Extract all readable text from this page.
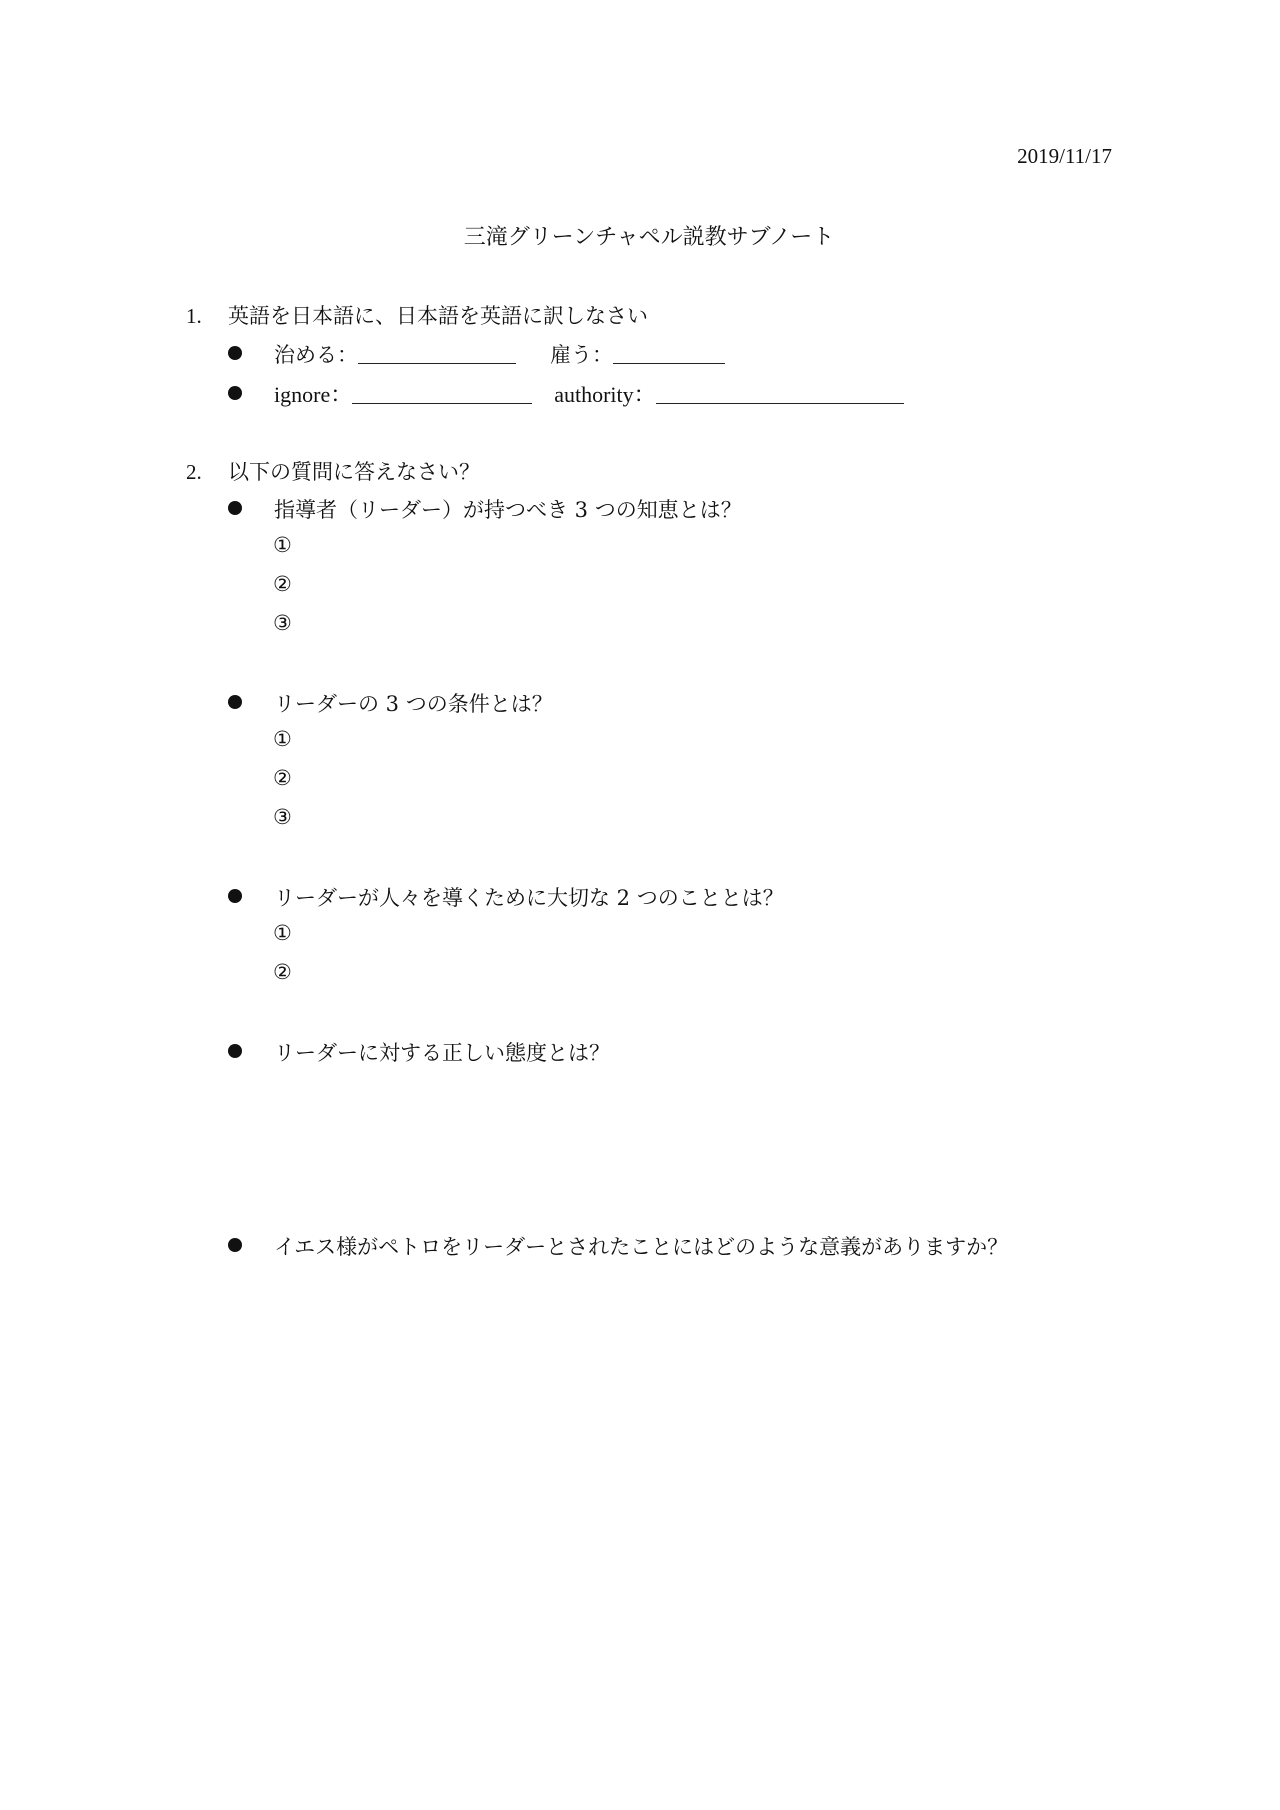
2019/11/17
三滝グリーンチャペル説教サブノート
1. 英語を日本語に、日本語を英語に訳しなさい
治める：	雇う：
ignore：	authority：
2. 以下の質問に答えなさい？
指導者（リーダー）が持つべき 3 つの知恵とは？
①
②
③
リーダーの 3 つの条件とは？
①
②
③
リーダーが人々を導くために大切な 2 つのこととは？
①
②
リーダーに対する正しい態度とは？
イエス様がペトロをリーダーとされたことにはどのような意義がありますか？
